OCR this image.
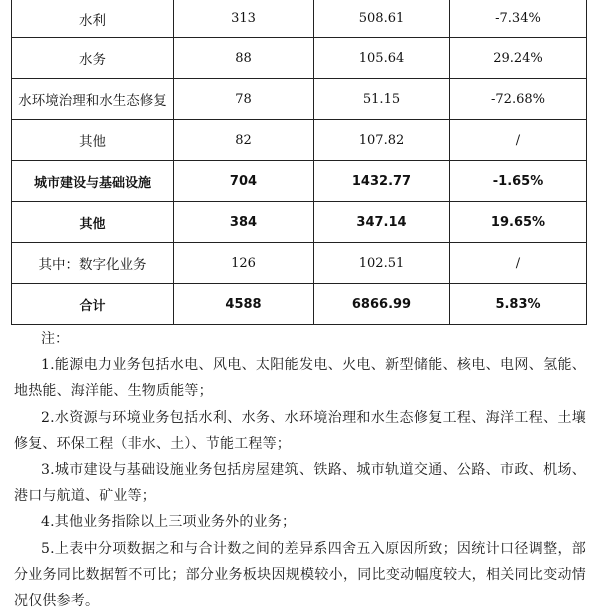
水利	313	508.61	-7.34%
水务	88	105.64	29.24%
水环境治理和水生态修复	78	51.15	-72.68%
其他	82	107.82	/
城市建设与基础设施	704	1432.77	-1.65%
其他	384	347.14	19.65%
其中：数字化业务	126	102.51	/
合计	4588	6866.99	5.83%
注：

1.能源电力业务包括水电、风电、太阳能发电、火电、新型储能、核电、电网、氢能、地热能、海洋能、生物质能等；

2.水资源与环境业务包括水利、水务、水环境治理和水生态修复工程、海洋工程、土壤修复、环保工程（非水、土）、节能工程等；

3.城市建设与基础设施业务包括房屋建筑、铁路、城市轨道交通、公路、市政、机场、港口与航道、矿业等；

4.其他业务指除以上三项业务外的业务；

5.上表中分项数据之和与合计数之间的差异系四舍五入原因所致；因统计口径调整，部分业务同比数据暂不可比；部分业务板块因规模较小，同比变动幅度较大，相关同比变动情况仅供参考。
